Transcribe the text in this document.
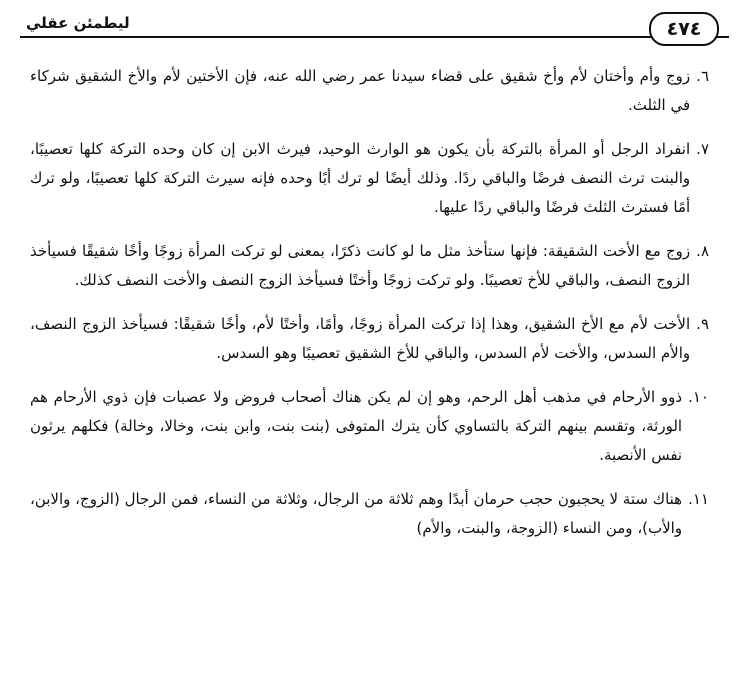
٤٧٤
ليطمئن عقلي
٦.
زوج وأم وأختان لأم وأخ شقيق على قضاء سيدنا عمر رضي الله عنه، فإن الأختين لأم والأخ الشقيق شركاء في الثلث.
٧.
انفراد الرجل أو المرأة بالتركة بأن يكون هو الوارث الوحيد، فيرث الابن إن كان وحده التركة كلها تعصيبًا، والبنت ترث النصف فرضًا والباقي ردًا. وذلك أيضًا لو ترك أبًا وحده فإنه سيرث التركة كلها تعصيبًا، ولو ترك أمًا فسترث الثلث فرضًا والباقي ردًا عليها.
٨.
زوج مع الأخت الشقيقة: فإنها ستأخذ مثل ما لو كانت ذكرًا، بمعنى لو تركت المرأة زوجًا وأخًا شقيقًا فسيأخذ الزوج النصف، والباقي للأخ تعصيبًا. ولو تركت زوجًا وأختًا فسيأخذ الزوج النصف والأخت النصف كذلك.
٩.
الأخت لأم مع الأخ الشقيق، وهذا إذا تركت المرأة زوجًا، وأمًا، وأختًا لأم، وأخًا شقيقًا: فسيأخذ الزوج النصف، والأم السدس، والأخت لأم السدس، والباقي للأخ الشقيق تعصيبًا وهو السدس.
١٠.
ذوو الأرحام في مذهب أهل الرحم، وهو إن لم يكن هناك أصحاب فروض ولا عصبات فإن ذوي الأرحام هم الورثة، وتقسم بينهم التركة بالتساوي كأن يترك المتوفى (بنت بنت، وابن بنت، وخالا، وخالة) فكلهم يرثون نفس الأنصبة.
١١.
هناك ستة لا يحجبون حجب حرمان أبدًا وهم ثلاثة من الرجال، وثلاثة من النساء، فمن الرجال (الزوج، والابن، والأب)، ومن النساء (الزوجة، والبنت، والأم)
